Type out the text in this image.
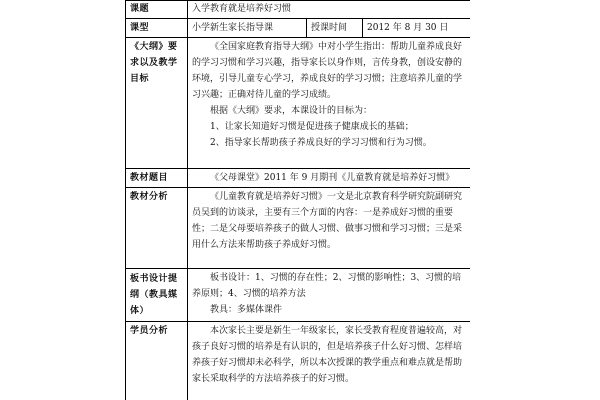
课题	入学教育就是培养好习惯		
课型	小学新生家长指导课	授课时间	2012 年 8 月 30 日
《大纲》要求以及教学目标	《全国家庭教育指导大纲》中对小学生指出：帮助儿童养成良好的学习习惯和学习兴趣，指导家长以身作则，言传身教，创设安静的环境，引导儿童专心学习，养成良好的学习习惯；注意培养儿童的学习兴趣；正确对待儿童的学习成绩。

根据《大纲》要求，本课设计的目标为：

1、让家长知道好习惯是促进孩子健康成长的基础；

2、指导家长帮助孩子养成良好的学习习惯和行为习惯。		

教材题目	《父母课堂》2011 年 9 月期刊《儿童教育就是培养好习惯》		

教材分析	《儿童教育就是培养好习惯》一文是北京教育科学研究院副研究员吴到的访谈录，主要有三个方面的内容：一是养成好习惯的重要性；二是父母要培养孩子的做人习惯、做事习惯和学习习惯；三是采用什么方法来帮助孩子养成好习惯。		

板书设计提纲（教具媒体）	板书设计：1、习惯的存在性；2、习惯的影响性；3、习惯的培养原则；4、习惯的培养方法

教具：多媒体课件		

学员分析	本次家长主要是新生一年级家长，家长受教育程度普遍较高，对孩子良好习惯的培养是有认识的，但是培养孩子什么好习惯、怎样培养孩子好习惯却未必科学，所以本次授课的教学重点和难点就是帮助家长采取科学的方法培养孩子的好习惯。		
